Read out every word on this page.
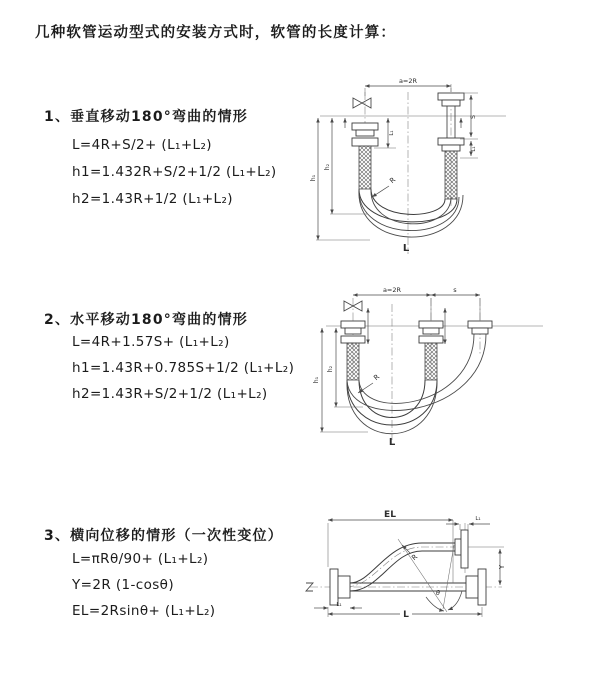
几种软管运动型式的安装方式时，软管的长度计算：
1、垂直移动180°弯曲的情形
L=4R+S/2+ (L₁+L₂)
h1=1.432R+S/2+1/2 (L₁+L₂)
h2=1.43R+1/2 (L₁+L₂)
a=2R
h₁
h₂
L₁
S
L₁
R
L
2、水平移动180°弯曲的情形
L=4R+1.57S+ (L₁+L₂)
h1=1.43R+0.785S+1/2 (L₁+L₂)
h2=1.43R+S/2+1/2 (L₁+L₂)
a=2R	s
h₁
h₂
R
L
3、横向位移的情形（一次性变位）
L=πRθ/90+ (L₁+L₂)
Y=2R (1-cosθ)
EL=2Rsinθ+ (L₁+L₂)
θ
EL	L₁
R
Y
L₁
L
